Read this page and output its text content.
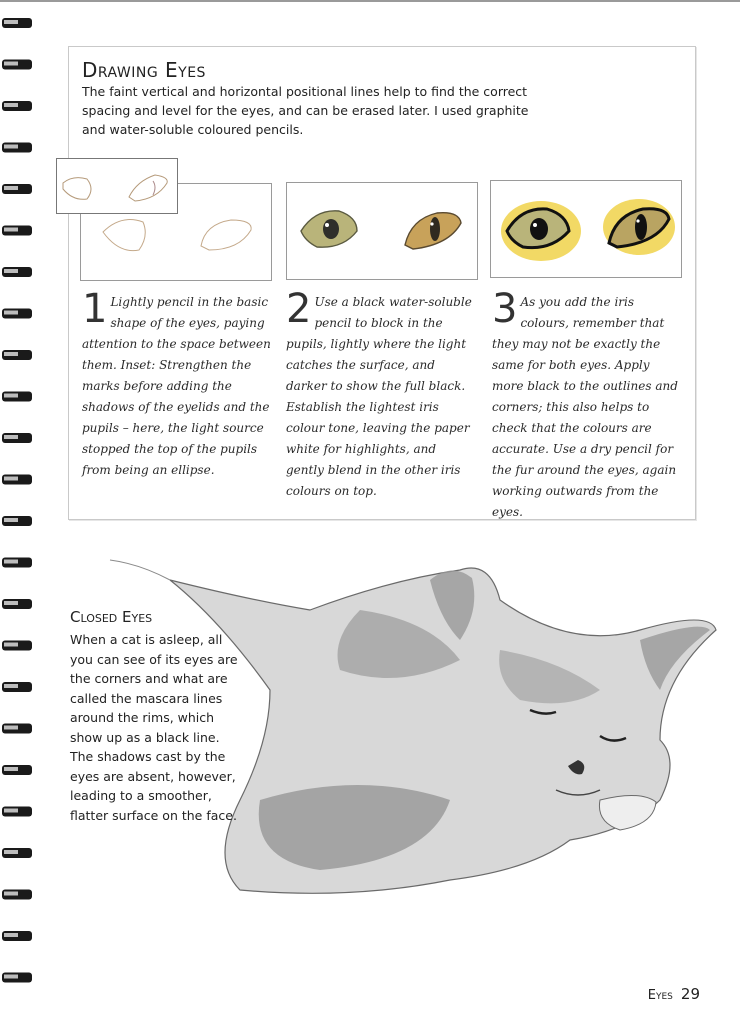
Drawing Eyes
The faint vertical and horizontal positional lines help to find the correct spacing and level for the eyes, and can be erased later. I used graphite and water-soluble coloured pencils.
1 Lightly pencil in the basic shape of the eyes, paying attention to the space between them. Inset: Strengthen the marks before adding the shadows of the eyelids and the pupils – here, the light source stopped the top of the pupils from being an ellipse.
2 Use a black water-soluble pencil to block in the pupils, lightly where the light catches the surface, and darker to show the full black. Establish the lightest iris colour tone, leaving the paper white for highlights, and gently blend in the other iris colours on top.
3 As you add the iris colours, remember that they may not be exactly the same for both eyes. Apply more black to the outlines and corners; this also helps to check that the colours are accurate. Use a dry pencil for the fur around the eyes, again working outwards from the eyes.
Closed Eyes
When a cat is asleep, all you can see of its eyes are the corners and what are called the mascara lines around the rims, which show up as a black line. The shadows cast by the eyes are absent, however, leading to a smoother, flatter surface on the face.
Eyes 29
